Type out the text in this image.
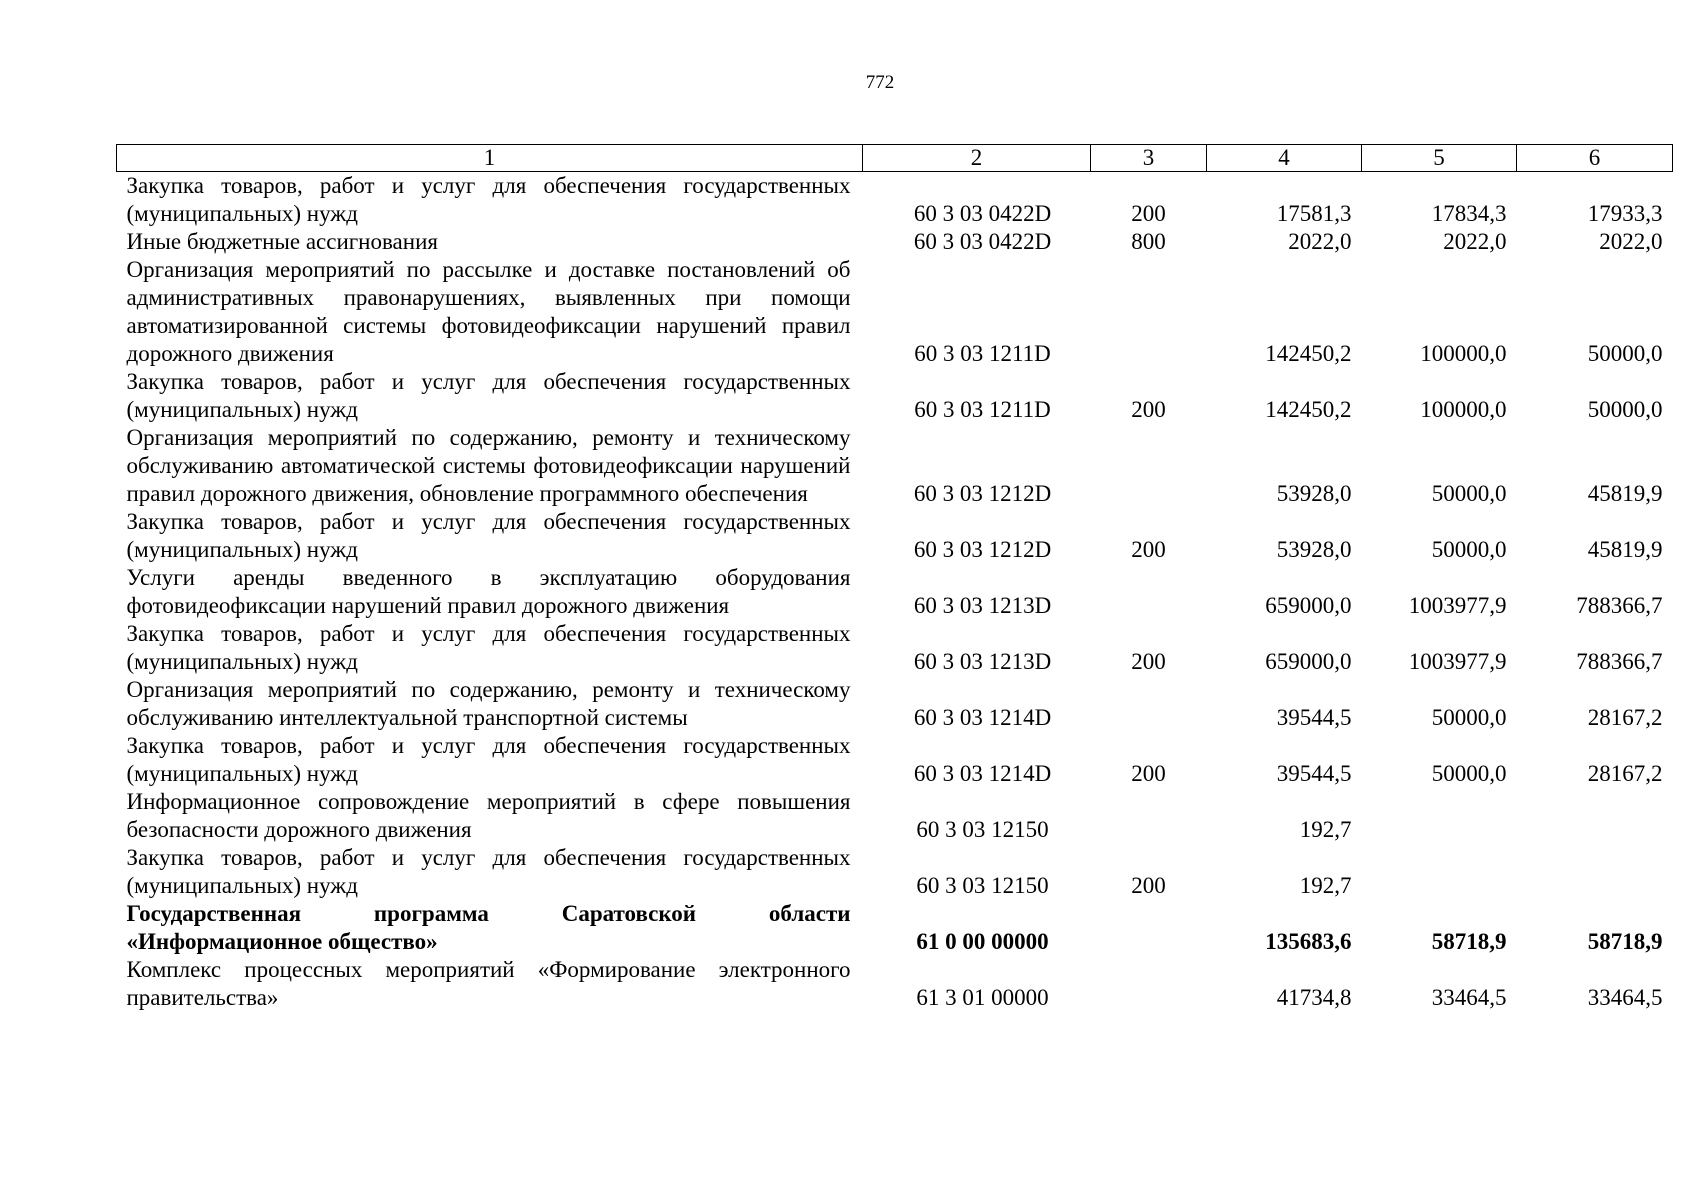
772
1	2	3	4	5	6
Закупка товаров, работ и услуг для обеспечения государственных (муниципальных) нужд	60 3 03 0422D	200	17581,3	17834,3	17933,3
Иные бюджетные ассигнования	60 3 03 0422D	800	2022,0	2022,0	2022,0
Организация мероприятий по рассылке и доставке постановлений об административных правонарушениях, выявленных при помощи автоматизированной системы фотовидеофиксации нарушений правил дорожного движения	60 3 03 1211D		142450,2	100000,0	50000,0
Закупка товаров, работ и услуг для обеспечения государственных (муниципальных) нужд	60 3 03 1211D	200	142450,2	100000,0	50000,0
Организация мероприятий по содержанию, ремонту и техническому обслуживанию автоматической системы фотовидеофиксации нарушений правил дорожного движения, обновление программного обеспечения	60 3 03 1212D		53928,0	50000,0	45819,9
Закупка товаров, работ и услуг для обеспечения государственных (муниципальных) нужд	60 3 03 1212D	200	53928,0	50000,0	45819,9
Услуги аренды введенного в эксплуатацию оборудования фотовидеофиксации нарушений правил дорожного движения	60 3 03 1213D		659000,0	1003977,9	788366,7
Закупка товаров, работ и услуг для обеспечения государственных (муниципальных) нужд	60 3 03 1213D	200	659000,0	1003977,9	788366,7
Организация мероприятий по содержанию, ремонту и техническому обслуживанию интеллектуальной транспортной системы	60 3 03 1214D		39544,5	50000,0	28167,2
Закупка товаров, работ и услуг для обеспечения государственных (муниципальных) нужд	60 3 03 1214D	200	39544,5	50000,0	28167,2
Информационное сопровождение мероприятий в сфере повышения безопасности дорожного движения	60 3 03 12150		192,7		
Закупка товаров, работ и услуг для обеспечения государственных (муниципальных) нужд	60 3 03 12150	200	192,7		
Государственная программа Саратовской области «Информационное общество»	61 0 00 00000		135683,6	58718,9	58718,9
Комплекс процессных мероприятий «Формирование электронного правительства»	61 3 01 00000		41734,8	33464,5	33464,5
